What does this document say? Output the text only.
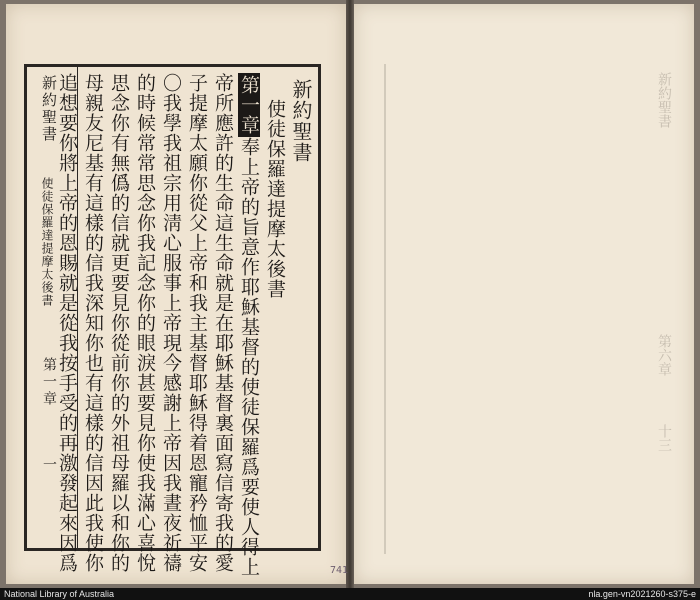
新約聖書
使徒保羅達提摩太後書
第一章
一
新約聖書
使徒保羅達提摩太後書
第一章奉上帝的旨意作耶穌基督的使徒保羅爲要使人得上
帝所應許的生命這生命就是在耶穌基督裏面寫信寄我的愛
子提摩太願你從父上帝和我主基督耶穌得着恩寵矜恤平安
〇我學我祖宗用淸心服事上帝現今感謝上帝因我晝夜祈禱
的時候常常思念你我記念你的眼淚甚要見你使我滿心喜悅
思念你有無僞的信就更要見你從前你的外祖母羅以和你的
母親友尼基有這樣的信我深知你也有這樣的信因此我使你
追想要你將上帝的恩賜就是從我按手受的再激發起來因爲	新約聖書
第六章
十三

741
National Library of Australia	nla.gen-vn2021260-s375-e
